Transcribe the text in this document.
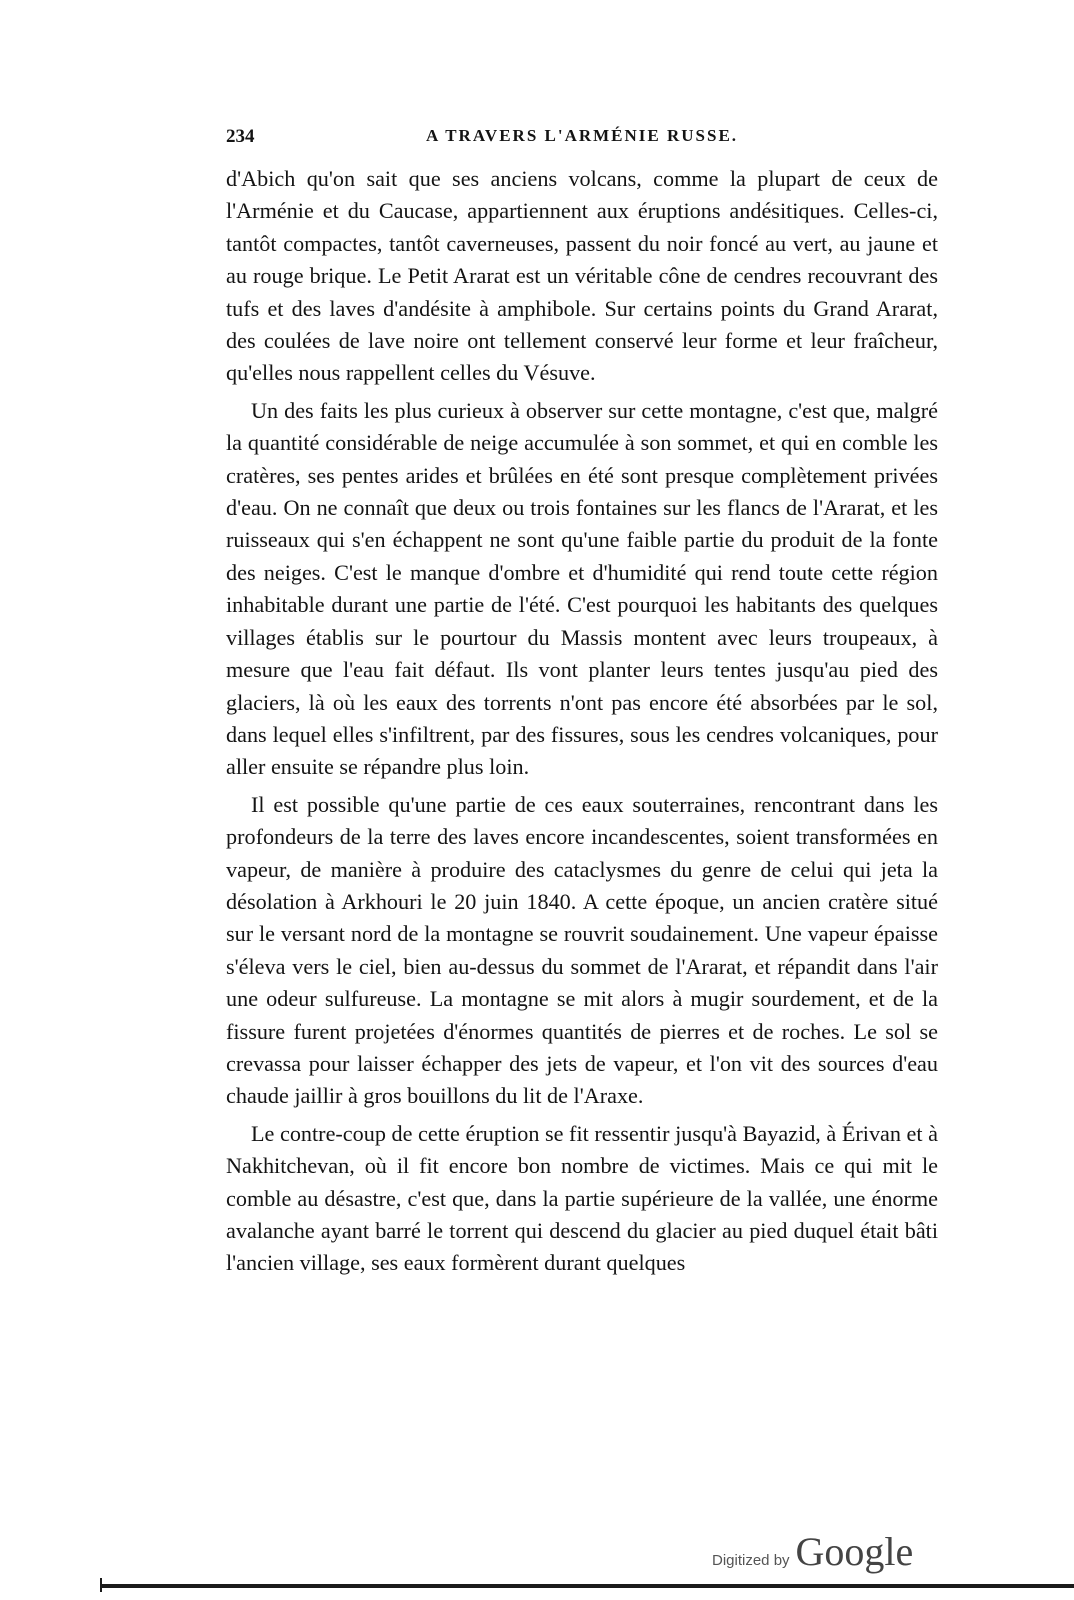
234	A TRAVERS L'ARMÉNIE RUSSE.

d'Abich qu'on sait que ses anciens volcans, comme la plupart de ceux de l'Arménie et du Caucase, appartiennent aux éruptions andésitiques. Celles-ci, tantôt compactes, tantôt caverneuses, passent du noir foncé au vert, au jaune et au rouge brique. Le Petit Ararat est un véritable cône de cendres recouvrant des tufs et des laves d'andésite à amphibole. Sur certains points du Grand Ararat, des coulées de lave noire ont tellement conservé leur forme et leur fraîcheur, qu'elles nous rappellent celles du Vésuve.

Un des faits les plus curieux à observer sur cette montagne, c'est que, malgré la quantité considérable de neige accumulée à son sommet, et qui en comble les cratères, ses pentes arides et brûlées en été sont presque complètement privées d'eau. On ne connaît que deux ou trois fontaines sur les flancs de l'Ararat, et les ruisseaux qui s'en échappent ne sont qu'une faible partie du produit de la fonte des neiges. C'est le manque d'ombre et d'humidité qui rend toute cette région inhabitable durant une partie de l'été. C'est pourquoi les habitants des quelques villages établis sur le pourtour du Massis montent avec leurs troupeaux, à mesure que l'eau fait défaut. Ils vont planter leurs tentes jusqu'au pied des glaciers, là où les eaux des torrents n'ont pas encore été absorbées par le sol, dans lequel elles s'infiltrent, par des fissures, sous les cendres volcaniques, pour aller ensuite se répandre plus loin.

Il est possible qu'une partie de ces eaux souterraines, rencontrant dans les profondeurs de la terre des laves encore incandescentes, soient transformées en vapeur, de manière à produire des cataclysmes du genre de celui qui jeta la désolation à Arkhouri le 20 juin 1840. A cette époque, un ancien cratère situé sur le versant nord de la montagne se rouvrit soudainement. Une vapeur épaisse s'éleva vers le ciel, bien au-dessus du sommet de l'Ararat, et répandit dans l'air une odeur sulfureuse. La montagne se mit alors à mugir sourdement, et de la fissure furent projetées d'énormes quantités de pierres et de roches. Le sol se crevassa pour laisser échapper des jets de vapeur, et l'on vit des sources d'eau chaude jaillir à gros bouillons du lit de l'Araxe.

Le contre-coup de cette éruption se fit ressentir jusqu'à Bayazid, à Érivan et à Nakhitchevan, où il fit encore bon nombre de victimes. Mais ce qui mit le comble au désastre, c'est que, dans la partie supérieure de la vallée, une énorme avalanche ayant barré le torrent qui descend du glacier au pied duquel était bâti l'ancien village, ses eaux formèrent durant quelques

Digitized by Google
